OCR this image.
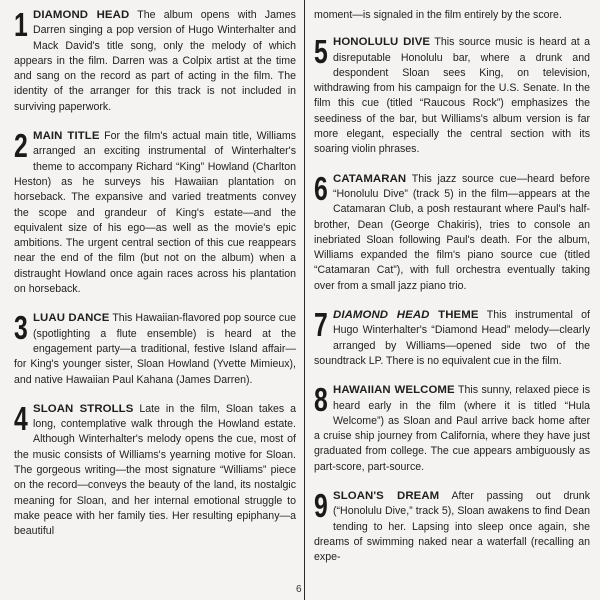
1 DIAMOND HEAD The album opens with James Darren singing a pop version of Hugo Winterhalter and Mack David's title song, only the melody of which appears in the film. Darren was a Colpix artist at the time and sang on the record as part of acting in the film. The identity of the arranger for this track is not included in surviving paperwork.

2 MAIN TITLE For the film's actual main title, Williams arranged an exciting instrumental of Winterhalter's theme to accompany Richard “King” Howland (Charlton Heston) as he surveys his Hawaiian plantation on horseback. The expansive and varied treatments convey the scope and grandeur of King's estate—and the equivalent size of his ego—as well as the movie's epic ambitions. The urgent central section of this cue reappears near the end of the film (but not on the album) when a distraught Howland once again races across his plantation on horseback.

3 LUAU DANCE This Hawaiian-flavored pop source cue (spotlighting a flute ensemble) is heard at the engagement party—a traditional, festive Island affair—for King's younger sister, Sloan Howland (Yvette Mimieux), and native Hawaiian Paul Kahana (James Darren).

4 SLOAN STROLLS Late in the film, Sloan takes a long, contemplative walk through the Howland estate. Although Winterhalter's melody opens the cue, most of the music consists of Williams's yearning motive for Sloan. The gorgeous writing—the most signature “Williams” piece on the record—conveys the beauty of the land, its nostalgic meaning for Sloan, and her internal emotional struggle to make peace with her family ties. Her resulting epiphany—a beautiful

moment—is signaled in the film entirely by the score.

5 HONOLULU DIVE This source music is heard at a disreputable Honolulu bar, where a drunk and despondent Sloan sees King, on television, withdrawing from his campaign for the U.S. Senate. In the film this cue (titled “Raucous Rock”) emphasizes the seediness of the bar, but Williams's album version is far more elegant, especially the central section with its soaring violin phrases.

6 CATAMARAN This jazz source cue—heard before “Honolulu Dive” (track 5) in the film—appears at the Catamaran Club, a posh restaurant where Paul's half-brother, Dean (George Chakiris), tries to console an inebriated Sloan following Paul's death. For the album, Williams expanded the film's piano source cue (titled “Catamaran Cat”), with full orchestra eventually taking over from a small jazz piano trio.

7 DIAMOND HEAD THEME This instrumental of Hugo Winterhalter's “Diamond Head” melody—clearly arranged by Williams—opened side two of the soundtrack LP. There is no equivalent cue in the film.

8 HAWAIIAN WELCOME This sunny, relaxed piece is heard early in the film (where it is titled “Hula Welcome”) as Sloan and Paul arrive back home after a cruise ship journey from California, where they have just graduated from college. The cue appears ambiguously as part-score, part-source.

9 SLOAN'S DREAM After passing out drunk (“Honolulu Dive,” track 5), Sloan awakens to find Dean tending to her. Lapsing into sleep once again, she dreams of swimming naked near a waterfall (recalling an expe-

6
